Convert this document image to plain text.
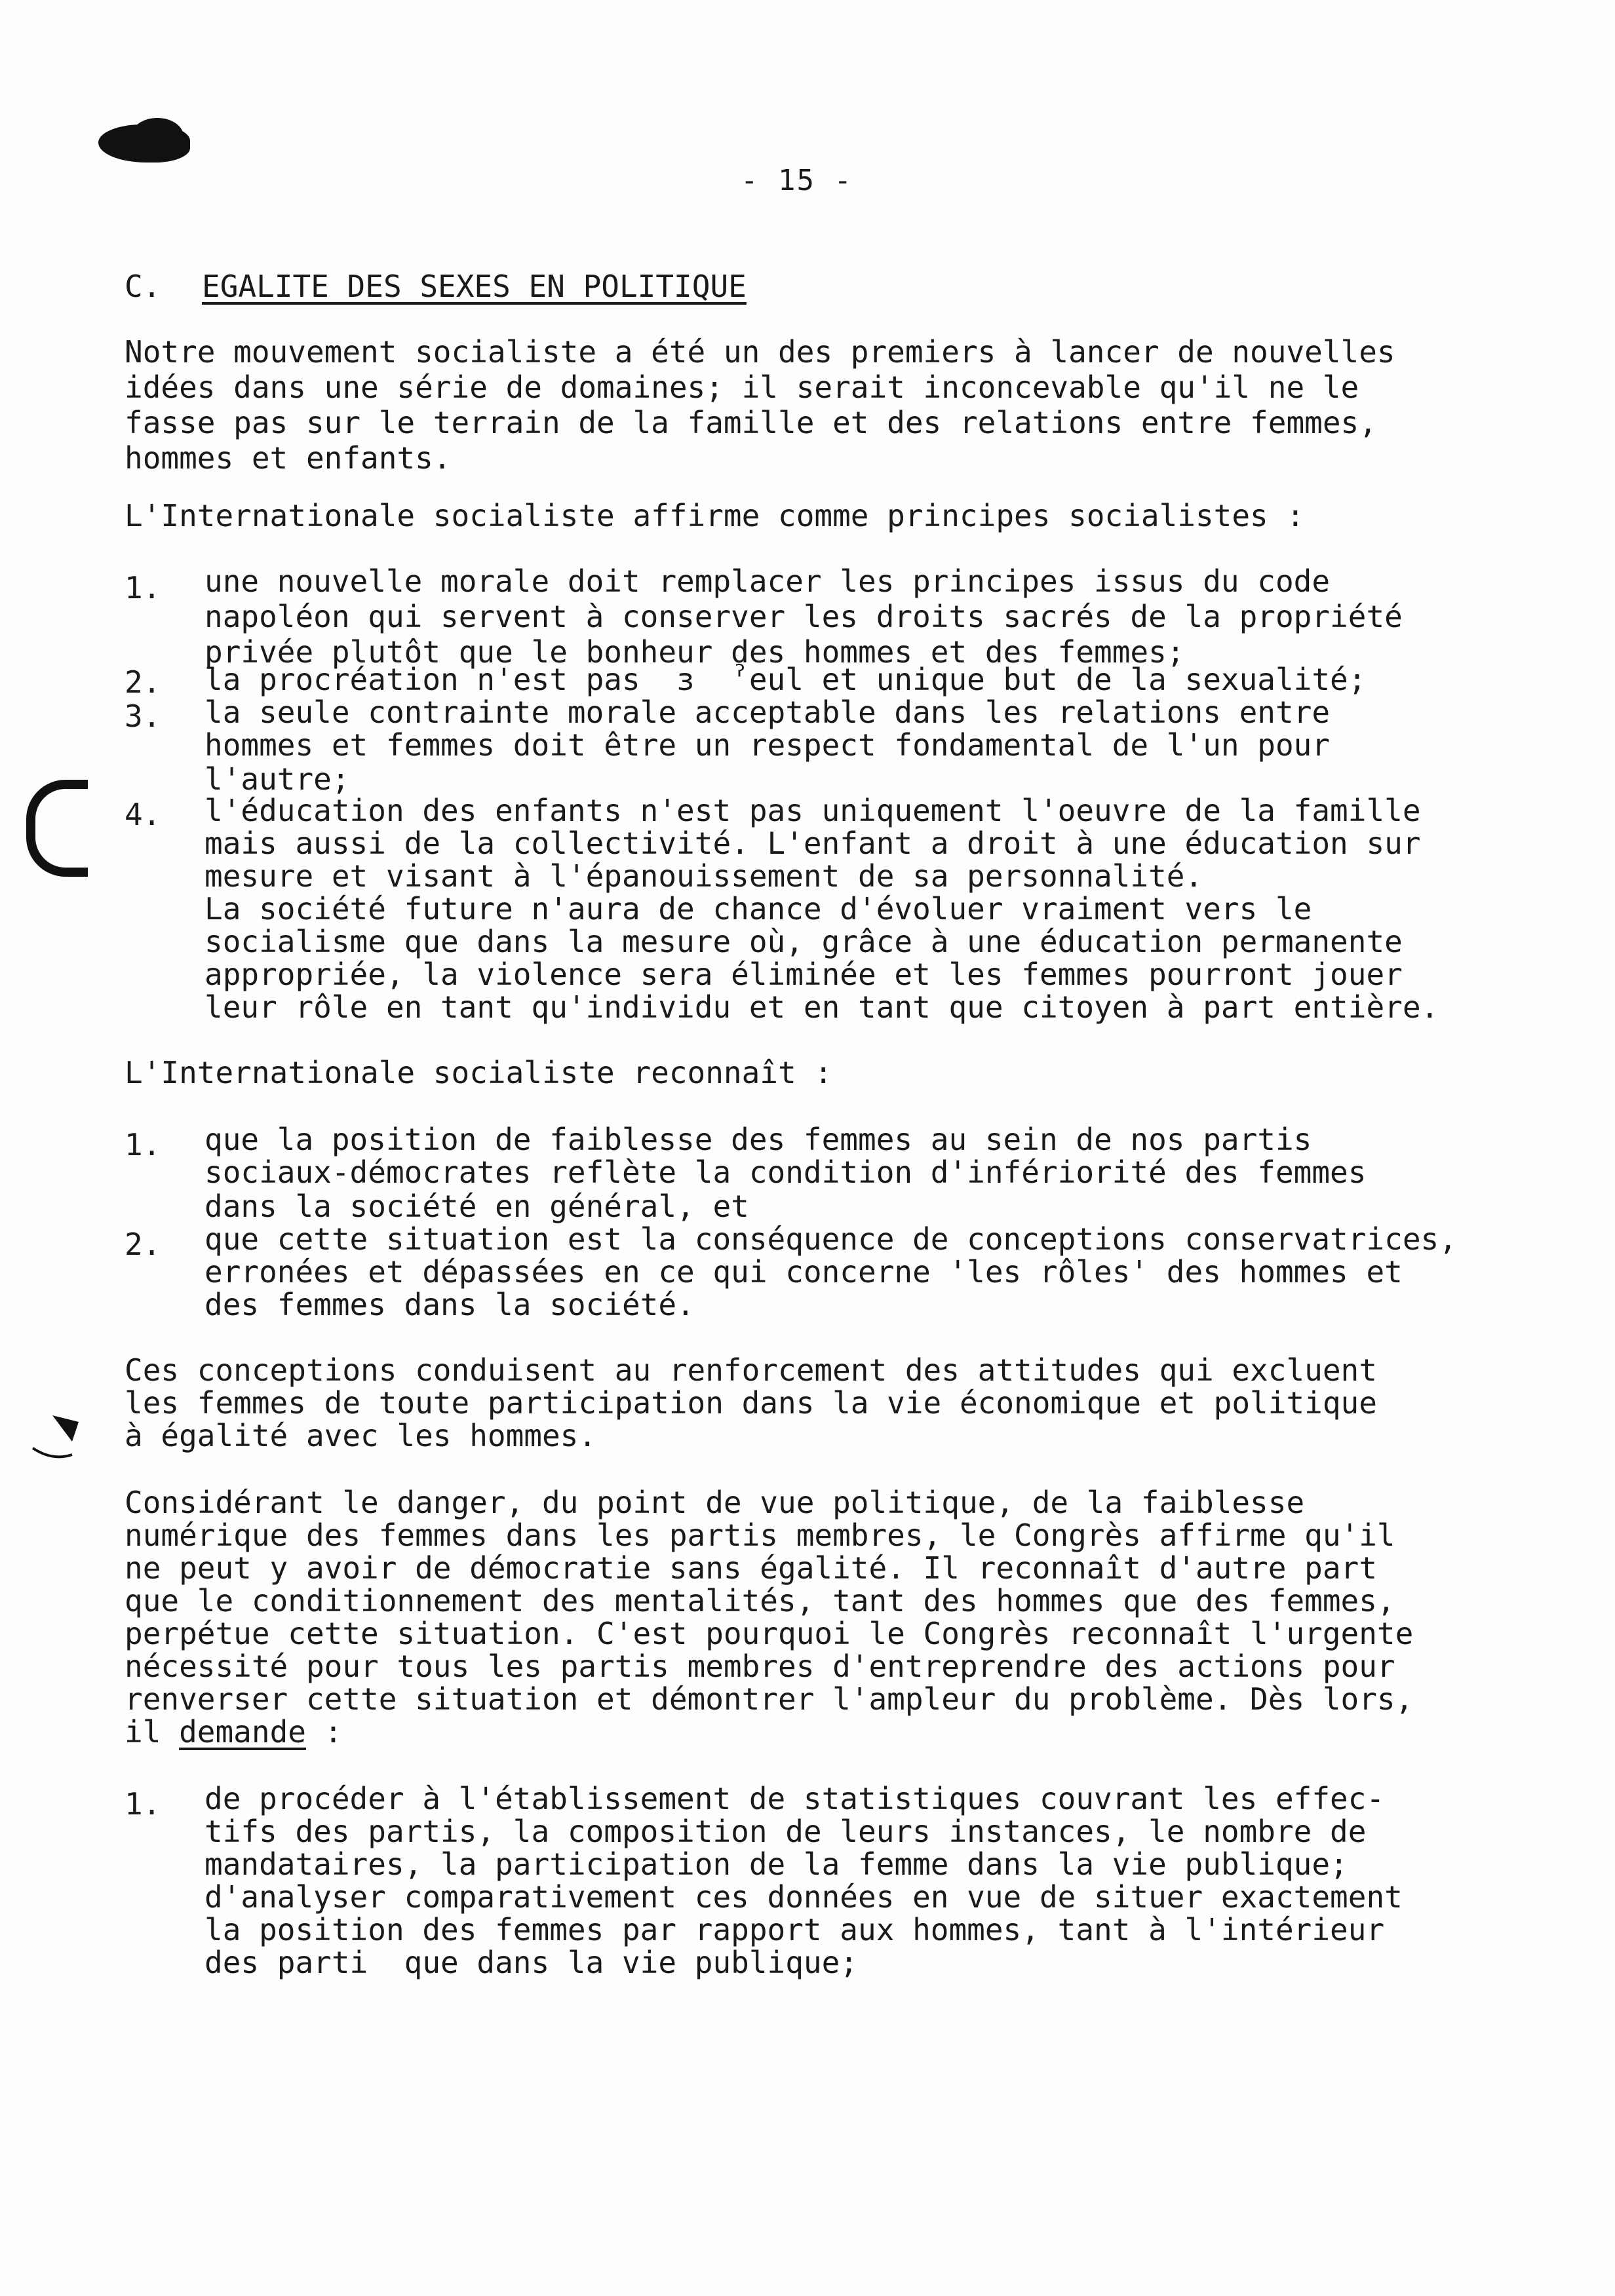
- 15 -
C. EGALITE DES SEXES EN POLITIQUE
Notre mouvement socialiste a été un des premiers à lancer de nouvelles
idées dans une série de domaines; il serait inconcevable qu'il ne le
fasse pas sur le terrain de la famille et des relations entre femmes,
hommes et enfants.
L'Internationale socialiste affirme comme principes socialistes :
1. une nouvelle morale doit remplacer les principes issus du code
napoléon qui servent à conserver les droits sacrés de la propriété
privée plutôt que le bonheur des hommes et des femmes;
2. la procréation n'est pas  ɜ  ˀeul et unique but de la sexualité;
3. la seule contrainte morale acceptable dans les relations entre
hommes et femmes doit être un respect fondamental de l'un pour
l'autre;
4. l'éducation des enfants n'est pas uniquement l'oeuvre de la famille
mais aussi de la collectivité. L'enfant a droit à une éducation sur
mesure et visant à l'épanouissement de sa personnalité.
La société future n'aura de chance d'évoluer vraiment vers le
socialisme que dans la mesure où, grâce à une éducation permanente
appropriée, la violence sera éliminée et les femmes pourront jouer
leur rôle en tant qu'individu et en tant que citoyen à part entière.
L'Internationale socialiste reconnaît :
1. que la position de faiblesse des femmes au sein de nos partis
sociaux-démocrates reflète la condition d'infériorité des femmes
dans la société en général, et
2. que cette situation est la conséquence de conceptions conservatrices,
erronées et dépassées en ce qui concerne 'les rôles' des hommes et
des femmes dans la société.
Ces conceptions conduisent au renforcement des attitudes qui excluent
les femmes de toute participation dans la vie économique et politique
à égalité avec les hommes.
Considérant le danger, du point de vue politique, de la faiblesse
numérique des femmes dans les partis membres, le Congrès affirme qu'il
ne peut y avoir de démocratie sans égalité. Il reconnaît d'autre part
que le conditionnement des mentalités, tant des hommes que des femmes,
perpétue cette situation. C'est pourquoi le Congrès reconnaît l'urgente
nécessité pour tous les partis membres d'entreprendre des actions pour
renverser cette situation et démontrer l'ampleur du problème. Dès lors,
il demande :
1. de procéder à l'établissement de statistiques couvrant les effec-
tifs des partis, la composition de leurs instances, le nombre de
mandataires, la participation de la femme dans la vie publique;
d'analyser comparativement ces données en vue de situer exactement
la position des femmes par rapport aux hommes, tant à l'intérieur
des parti  que dans la vie publique;
